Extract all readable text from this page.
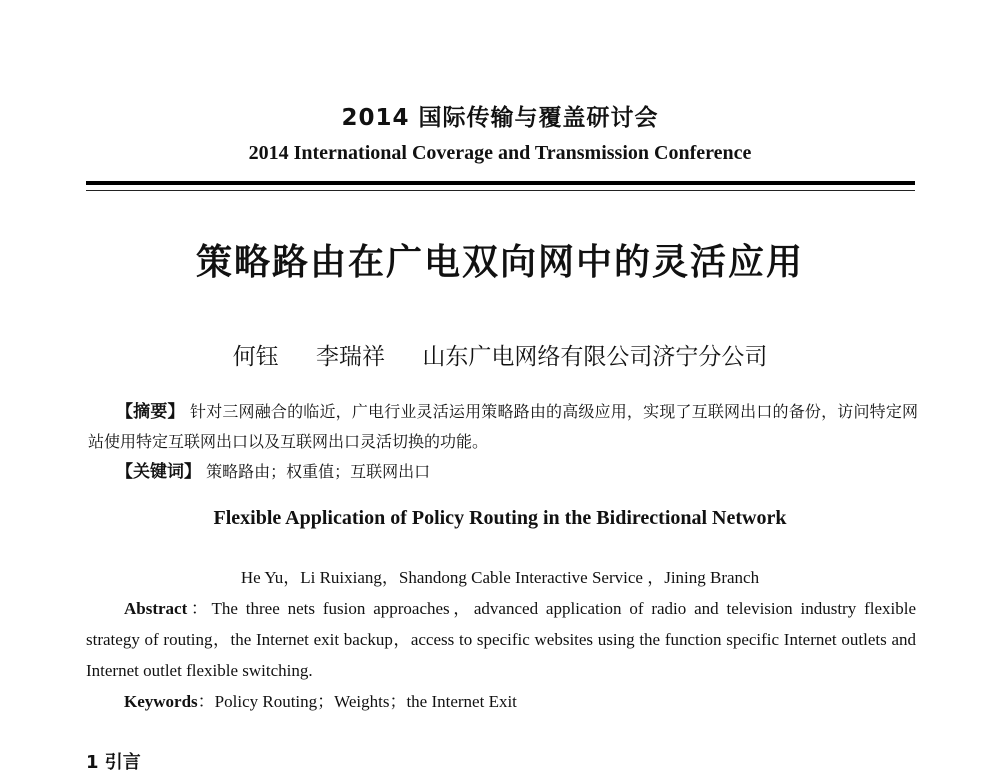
2014 国际传输与覆盖研讨会
2014 International Coverage and Transmission Conference
策略路由在广电双向网中的灵活应用
何钰 李瑞祥 山东广电网络有限公司济宁分公司
【摘要】 针对三网融合的临近，广电行业灵活运用策略路由的高级应用，实现了互联网出口的备份，访问特定网站使用特定互联网出口以及互联网出口灵活切换的功能。
【关键词】 策略路由；权重值；互联网出口
Flexible Application of Policy Routing in the Bidirectional Network
He Yu，Li Ruixiang，Shandong Cable Interactive Service ，Jining Branch
Abstract：The three nets fusion approaches，advanced application of radio and television industry flexible strategy of routing，the Internet exit backup，access to specific websites using the function specific Internet outlets and Internet outlet flexible switching.
Keywords：Policy Routing；Weights；the Internet Exit
1 引言
